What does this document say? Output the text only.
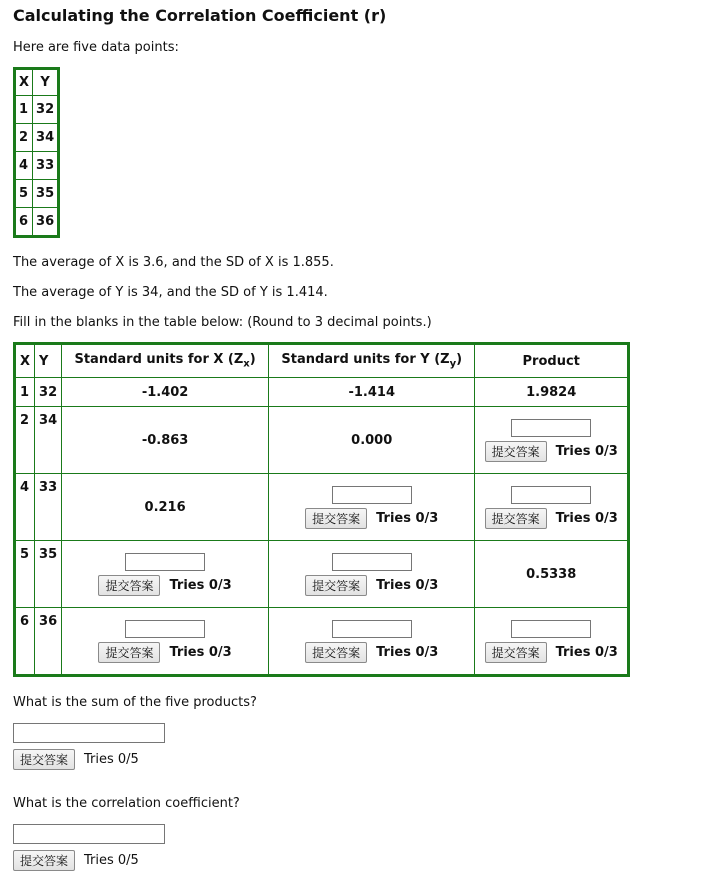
Calculating the Correlation Coefficient (r)

Here are five data points:

X	Y
1	32
2	34
4	33
5	35
6	36

The average of X is 3.6, and the SD of X is 1.855.

The average of Y is 34, and the SD of Y is 1.414.

Fill in the blanks in the table below: (Round to 3 decimal points.)

X	Y	Standard units for X $(Z_x)$	Standard units for Y $(Z_y)$	Product
1	32	-1.402	-1.414	1.9824
2	34	-0.863	0.000	提交答案 Tries 0/3

4	33	0.216	提交答案 Tries 0/3	提交答案 Tries 0/3

5	35	提交答案 Tries 0/3	提交答案 Tries 0/3	0.5338
6	36	提交答案 Tries 0/3	提交答案 Tries 0/3	提交答案 Tries 0/3

What is the sum of the five products?

提交答案	Tries 0/5

What is the correlation coefficient?

提交答案	Tries 0/5
